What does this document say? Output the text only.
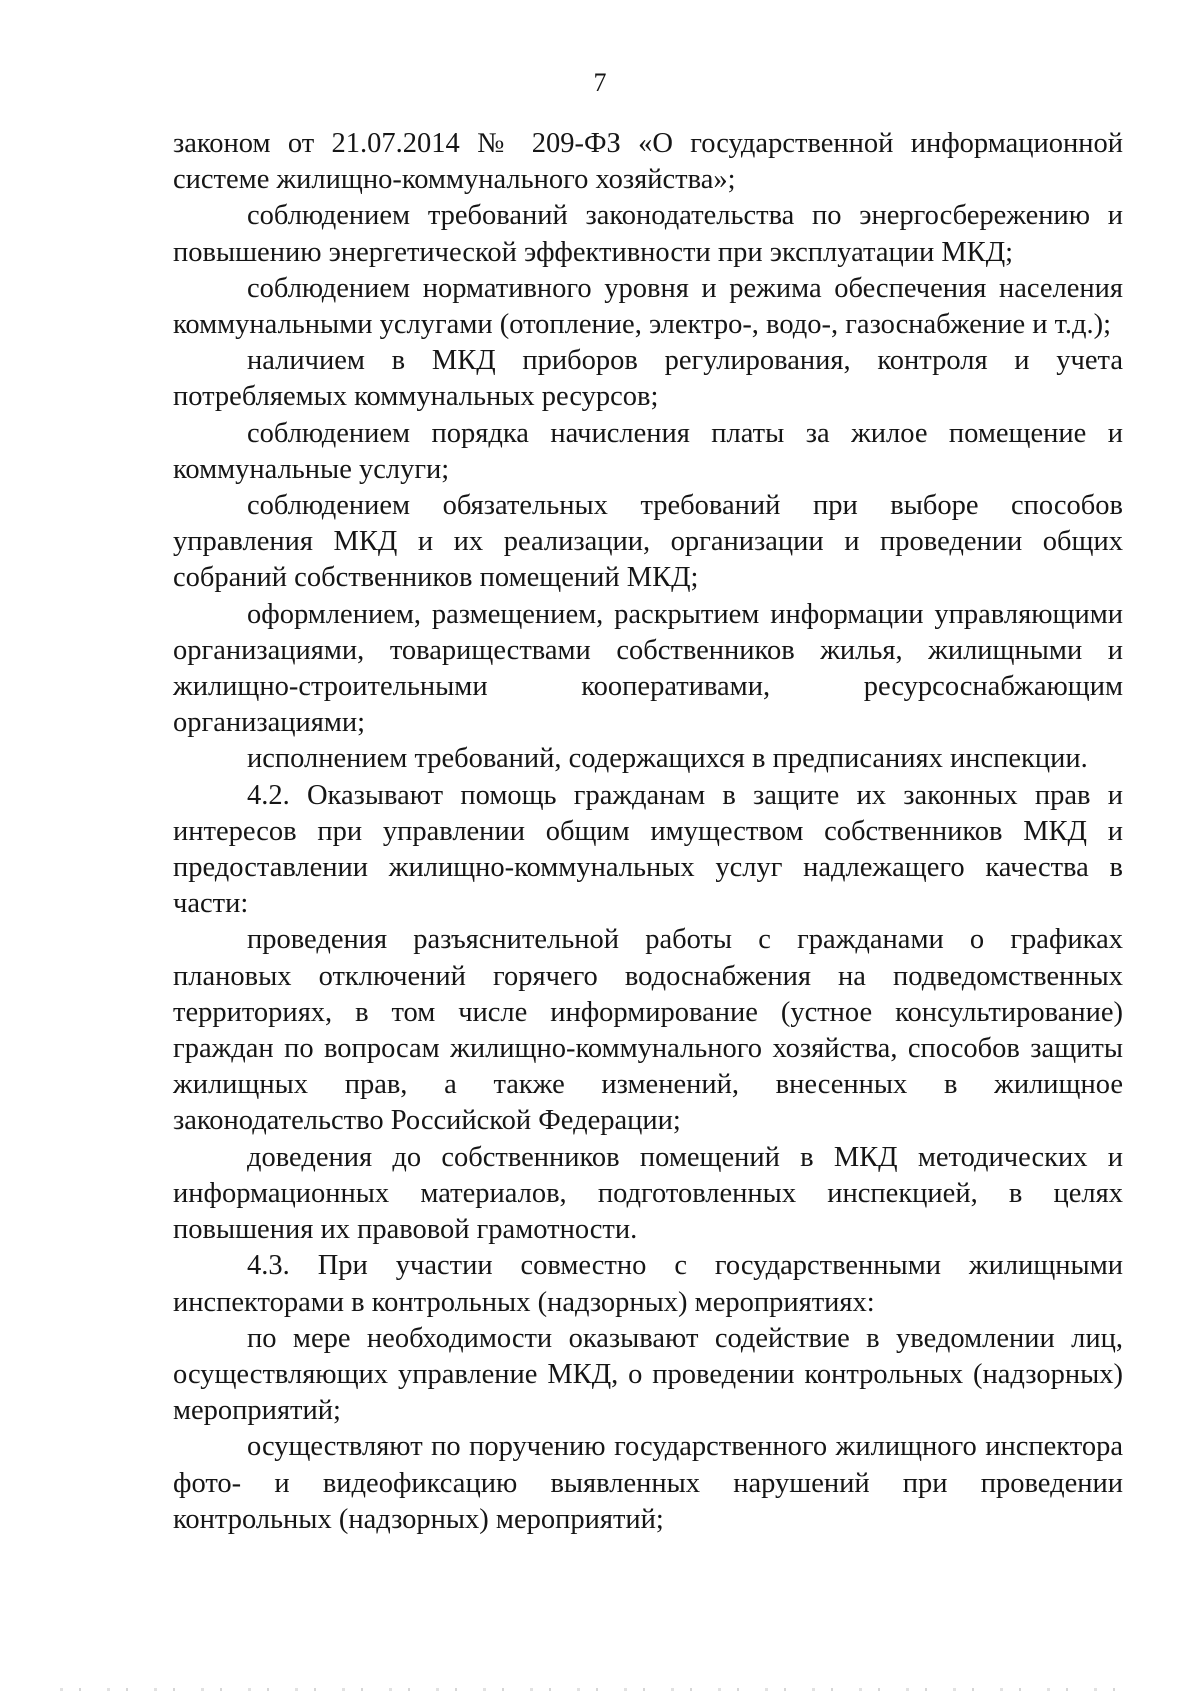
7

законом от 21.07.2014 № 209-ФЗ «О государственной информационной системе жилищно-коммунального хозяйства»;

соблюдением требований законодательства по энергосбережению и повышению энергетической эффективности при эксплуатации МКД;

соблюдением нормативного уровня и режима обеспечения населения коммунальными услугами (отопление, электро-, водо-, газоснабжение и т.д.);

наличием в МКД приборов регулирования, контроля и учета потребляемых коммунальных ресурсов;

соблюдением порядка начисления платы за жилое помещение и коммунальные услуги;

соблюдением обязательных требований при выборе способов управления МКД и их реализации, организации и проведении общих собраний собственников помещений МКД;

оформлением, размещением, раскрытием информации управляющими организациями, товариществами собственников жилья, жилищными и жилищно-строительными кооперативами, ресурсоснабжающим организациями;

исполнением требований, содержащихся в предписаниях инспекции.

4.2. Оказывают помощь гражданам в защите их законных прав и интересов при управлении общим имуществом собственников МКД и предоставлении жилищно-коммунальных услуг надлежащего качества в части:

проведения разъяснительной работы с гражданами о графиках плановых отключений горячего водоснабжения на подведомственных территориях, в том числе информирование (устное консультирование) граждан по вопросам жилищно-коммунального хозяйства, способов защиты жилищных прав, а также изменений, внесенных в жилищное законодательство Российской Федерации;

доведения до собственников помещений в МКД методических и информационных материалов, подготовленных инспекцией, в целях повышения их правовой грамотности.

4.3. При участии совместно с государственными жилищными инспекторами в контрольных (надзорных) мероприятиях:

по мере необходимости оказывают содействие в уведомлении лиц, осуществляющих управление МКД, о проведении контрольных (надзорных) мероприятий;

осуществляют по поручению государственного жилищного инспектора фото- и видеофиксацию выявленных нарушений при проведении контрольных (надзорных) мероприятий;
